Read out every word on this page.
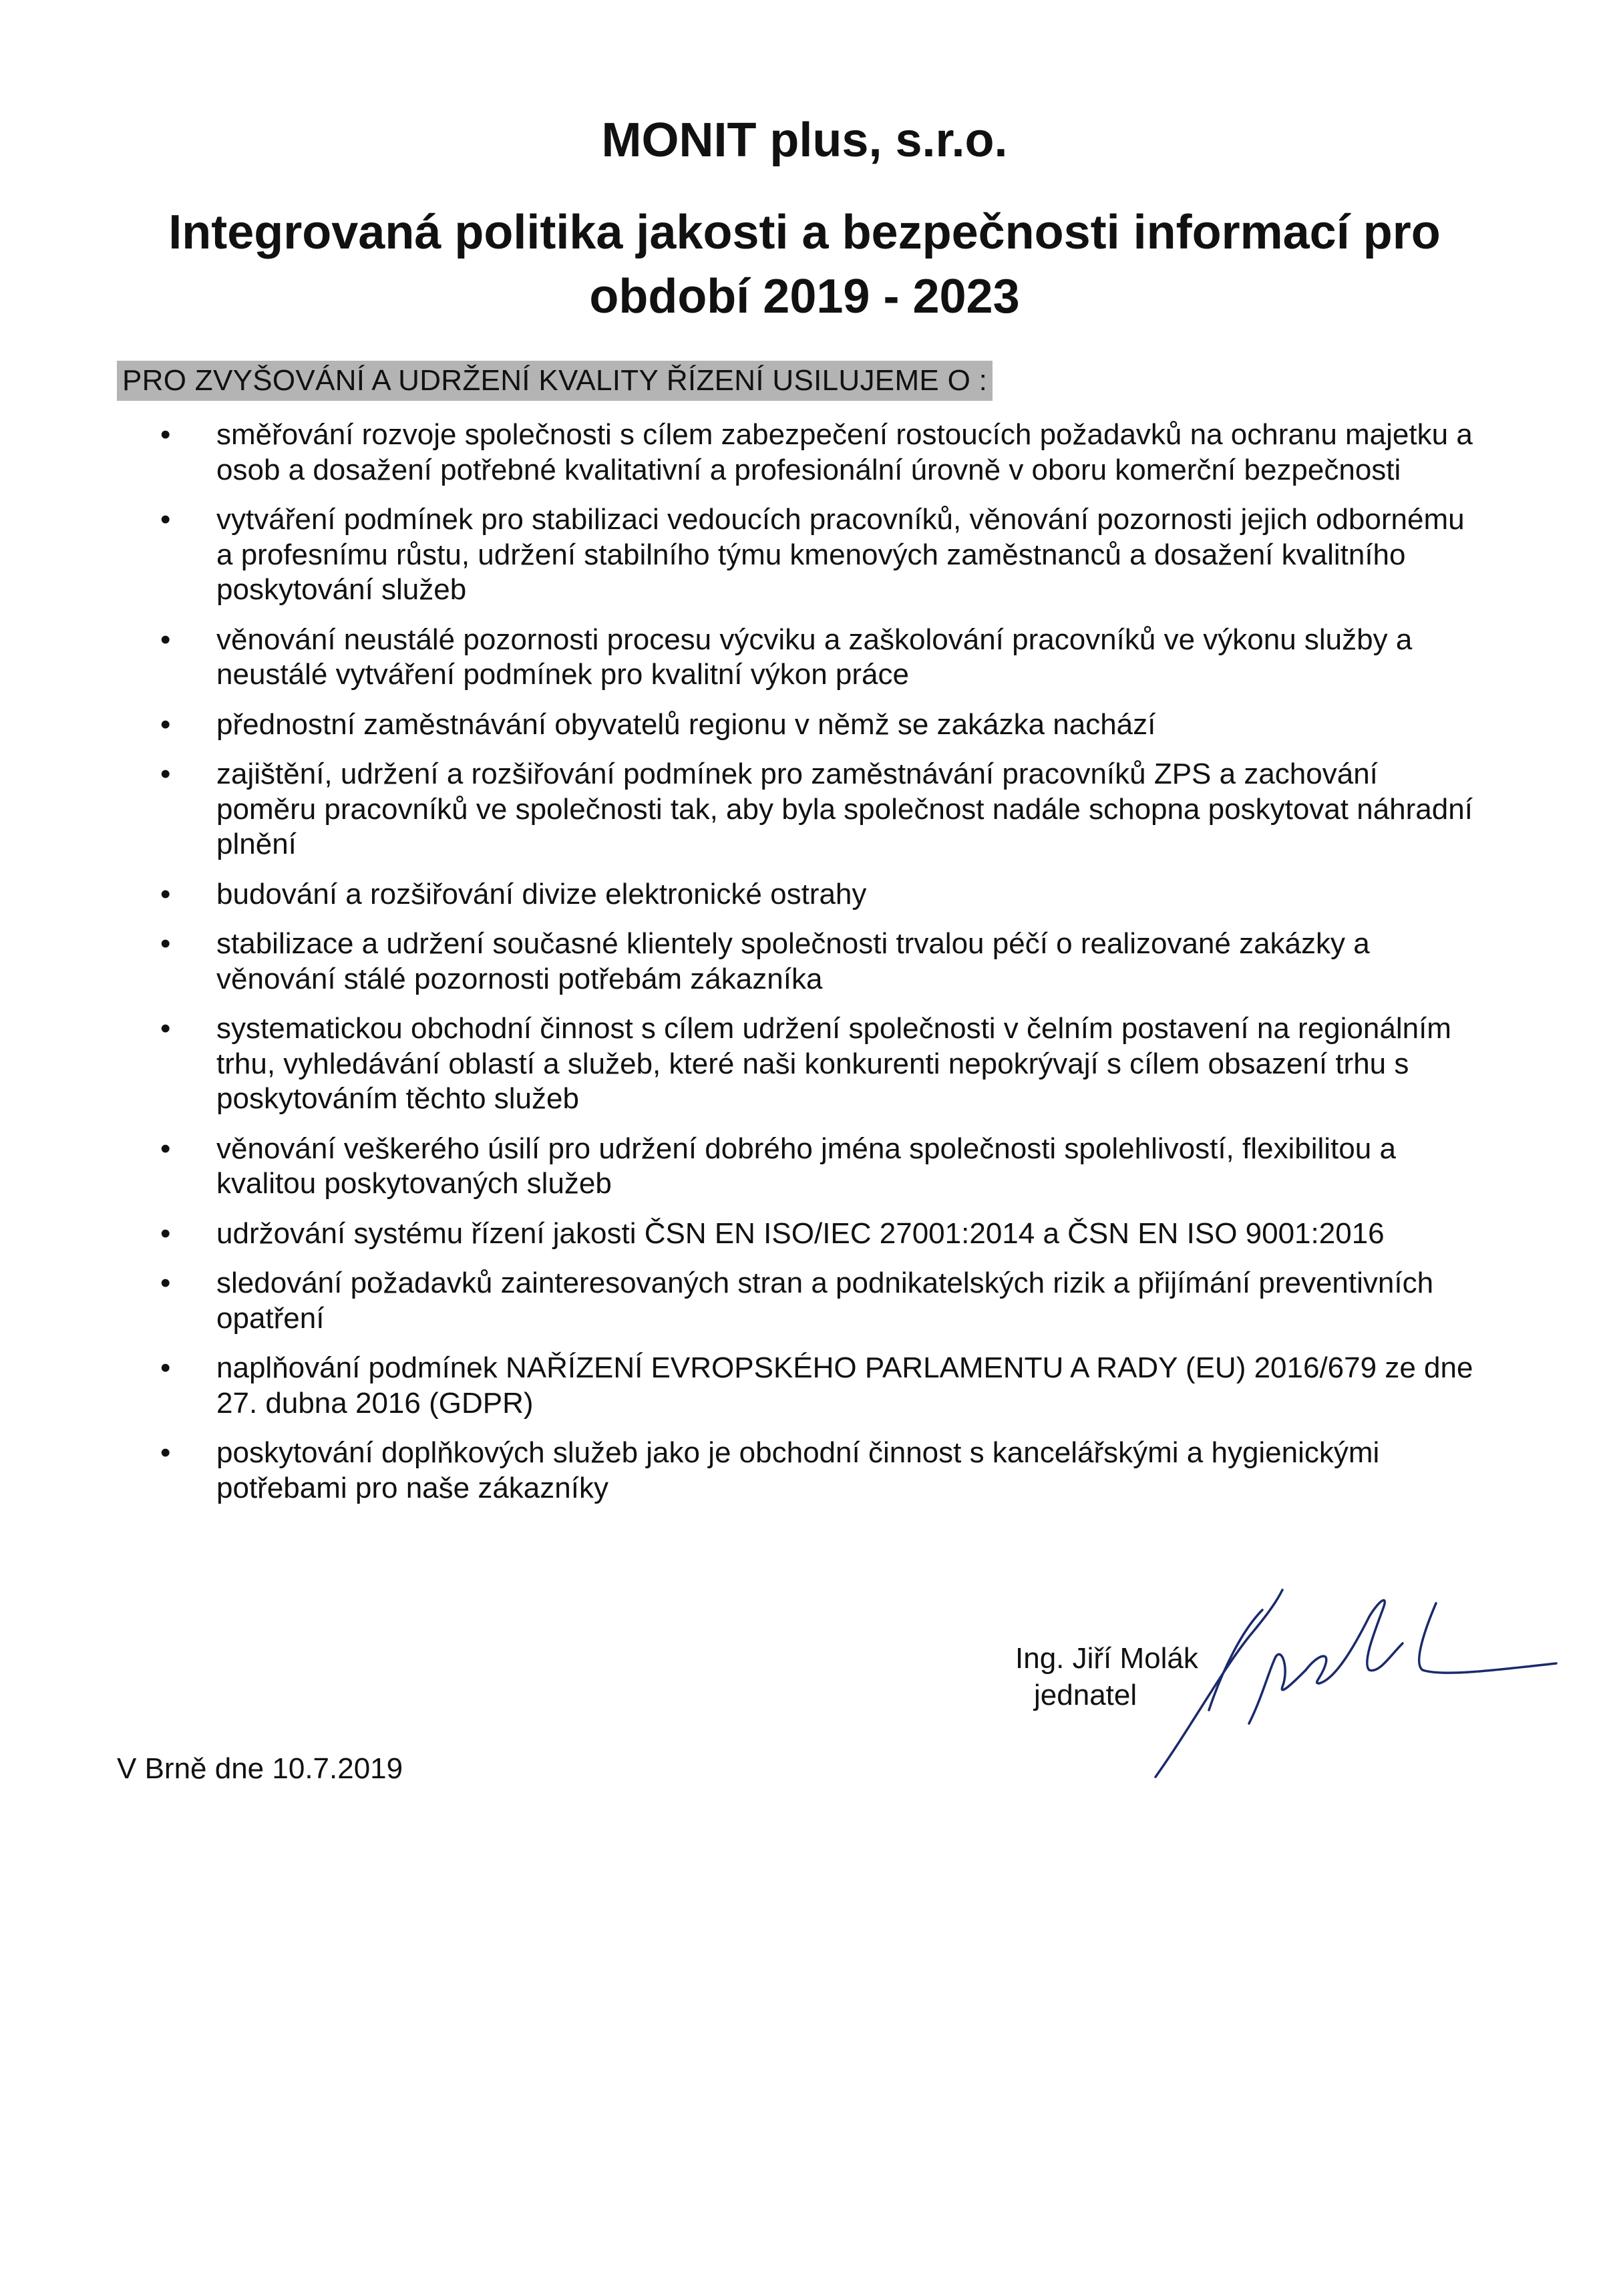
MONIT plus, s.r.o.
Integrovaná politika jakosti a bezpečnosti informací pro období 2019 - 2023
PRO ZVYŠOVÁNÍ A UDRŽENÍ KVALITY ŘÍZENÍ USILUJEME O :
•	směřování rozvoje společnosti s cílem zabezpečení rostoucích požadavků na ochranu majetku a osob a dosažení potřebné kvalitativní a profesionální úrovně v oboru komerční bezpečnosti
•	vytváření podmínek pro stabilizaci vedoucích pracovníků, věnování pozornosti jejich odbornému a profesnímu růstu, udržení stabilního týmu kmenových zaměstnanců a dosažení kvalitního poskytování služeb
•	věnování neustálé pozornosti procesu výcviku a zaškolování pracovníků ve výkonu služby a neustálé vytváření podmínek pro kvalitní výkon práce
•	přednostní zaměstnávání obyvatelů regionu v němž se zakázka nachází
•	zajištění, udržení a rozšiřování podmínek pro zaměstnávání pracovníků ZPS a zachování poměru pracovníků ve společnosti tak, aby byla společnost nadále schopna poskytovat náhradní plnění
•	budování a rozšiřování divize elektronické ostrahy
•	stabilizace a udržení současné klientely společnosti trvalou péčí o realizované zakázky a věnování stálé pozornosti potřebám zákazníka
•	systematickou obchodní činnost s cílem udržení společnosti v čelním postavení na regionálním trhu, vyhledávání oblastí a služeb, které naši konkurenti nepokrývají s cílem obsazení trhu s poskytováním těchto služeb
•	věnování veškerého úsilí pro udržení dobrého jména společnosti spolehlivostí, flexibilitou a kvalitou poskytovaných služeb
•	udržování systému řízení jakosti ČSN EN ISO/IEC 27001:2014 a ČSN EN ISO 9001:2016
•	sledování požadavků zainteresovaných stran a podnikatelských rizik a přijímání preventivních opatření
•	naplňování podmínek NAŘÍZENÍ EVROPSKÉHO PARLAMENTU A RADY (EU) 2016/679 ze dne 27. dubna 2016 (GDPR)
•	poskytování doplňkových služeb jako je obchodní činnost s kancelářskými a hygienickými potřebami pro naše zákazníky
Ing. Jiří Molák
jednatel
V Brně dne 10.7.2019
